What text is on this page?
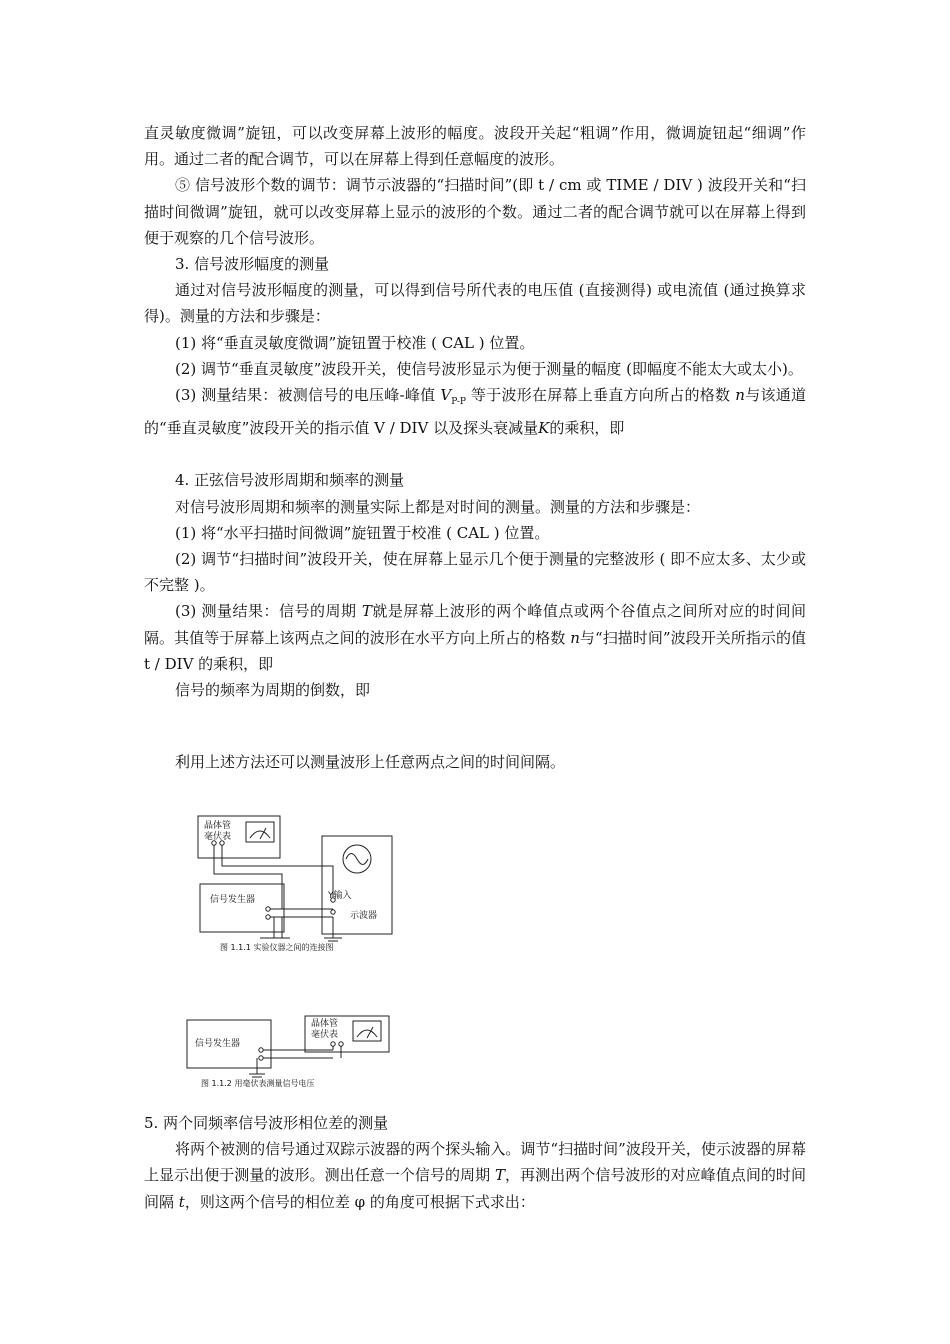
直灵敏度微调”旋钮，可以改变屏幕上波形的幅度。波段开关起“粗调”作用，微调旋钮起“细调”作用。通过二者的配合调节，可以在屏幕上得到任意幅度的波形。

⑤ 信号波形个数的调节：调节示波器的“扫描时间”(即 t / cm 或 TIME / DIV ) 波段开关和“扫描时间微调”旋钮，就可以改变屏幕上显示的波形的个数。通过二者的配合调节就可以在屏幕上得到便于观察的几个信号波形。

3. 信号波形幅度的测量

通过对信号波形幅度的测量，可以得到信号所代表的电压值 (直接测得) 或电流值 (通过换算求得)。测量的方法和步骤是：

(1) 将“垂直灵敏度微调”旋钮置于校准 ( CAL ) 位置。

(2) 调节“垂直灵敏度”波段开关，使信号波形显示为便于测量的幅度 (即幅度不能太大或太小)。

(3) 测量结果：被测信号的电压峰-峰值 $V_{P-P}$ 等于波形在屏幕上垂直方向所占的格数 n与该通道的“垂直灵敏度”波段开关的指示值 V / DIV 以及探头衰减量K的乘积，即

4. 正弦信号波形周期和频率的测量

对信号波形周期和频率的测量实际上都是对时间的测量。测量的方法和步骤是：

(1) 将“水平扫描时间微调”旋钮置于校准 ( CAL ) 位置。

(2) 调节“扫描时间”波段开关，使在屏幕上显示几个便于测量的完整波形 ( 即不应太多、太少或不完整 )。

(3) 测量结果：信号的周期 T就是屏幕上波形的两个峰值点或两个谷值点之间所对应的时间间隔。其值等于屏幕上该两点之间的波形在水平方向上所占的格数 n与“扫描时间”波段开关所指示的值 t / DIV 的乘积，即

信号的频率为周期的倒数，即

利用上述方法还可以测量波形上任意两点之间的时间间隔。

晶体管
毫伏表
信号发生器	Y输入
示波器
图 1.1.1 实验仪器之间的连接图
信号发生器
晶体管
毫伏表
图 1.1.2 用毫伏表测量信号电压

5. 两个同频率信号波形相位差的测量

将两个被测的信号通过双踪示波器的两个探头输入。调节“扫描时间”波段开关，使示波器的屏幕上显示出便于测量的波形。测出任意一个信号的周期 T，再测出两个信号波形的对应峰值点间的时间间隔 t，则这两个信号的相位差 φ 的角度可根据下式求出：
